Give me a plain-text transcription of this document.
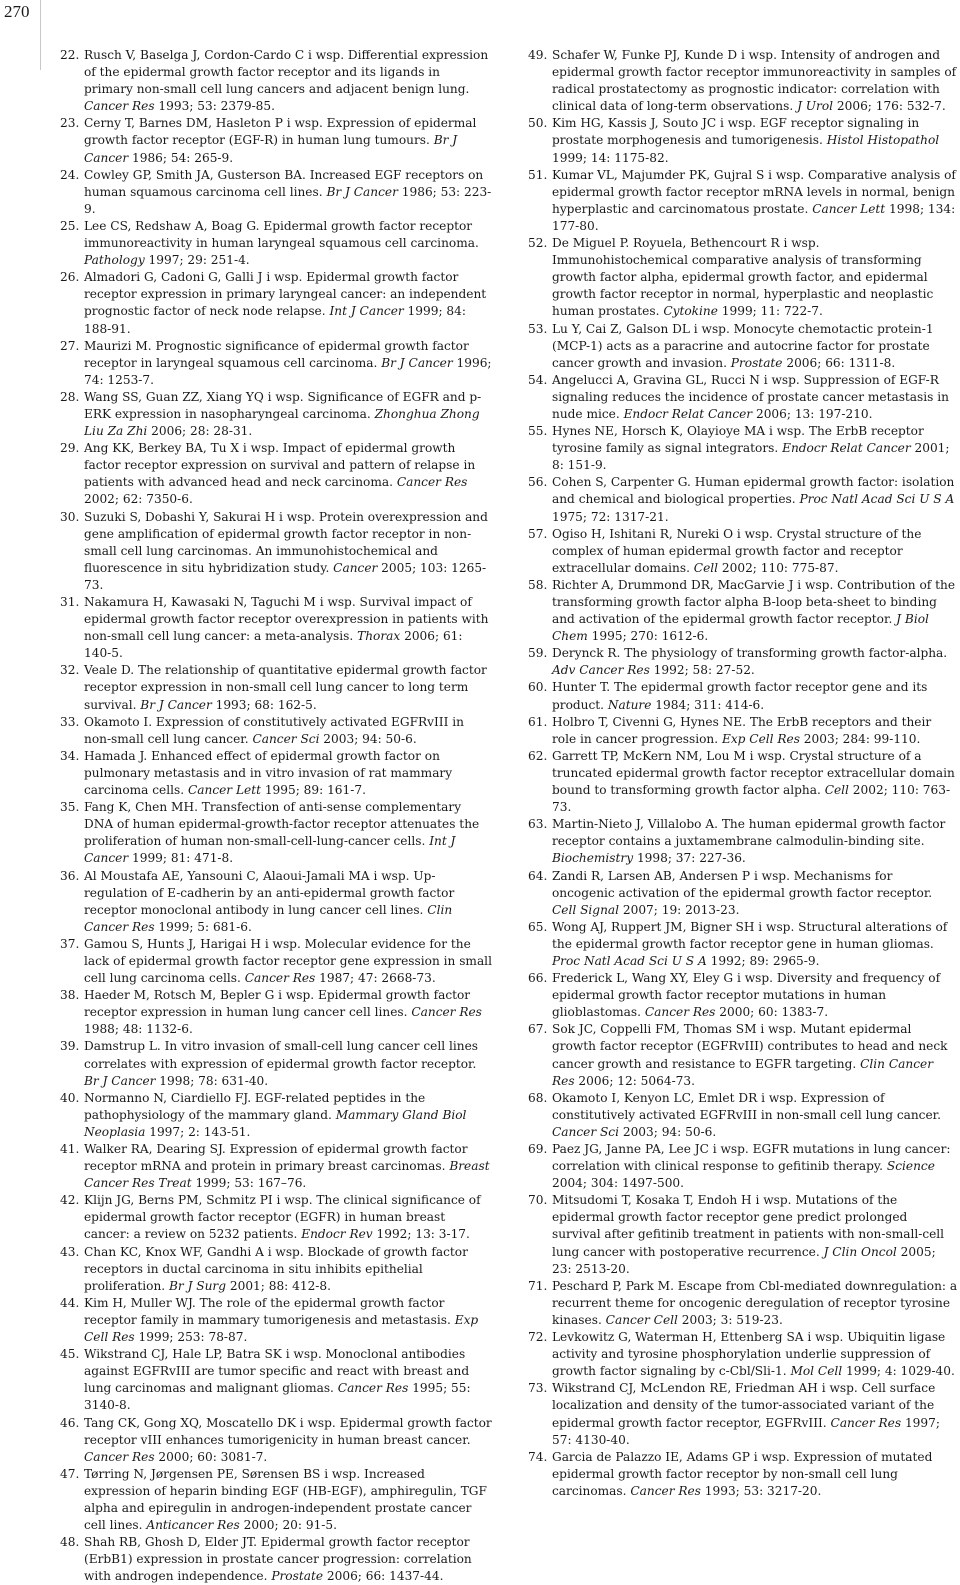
270

22. Rusch V, Baselga J, Cordon-Cardo C i wsp. Differential expression of the epidermal growth factor receptor and its ligands in primary non-small cell lung cancers and adjacent benign lung. Cancer Res 1993; 53: 2379-85.

23. Cerny T, Barnes DM, Hasleton P i wsp. Expression of epidermal growth factor receptor (EGF-R) in human lung tumours. Br J Cancer 1986; 54: 265-9.

24. Cowley GP, Smith JA, Gusterson BA. Increased EGF receptors on human squamous carcinoma cell lines. Br J Cancer 1986; 53: 223-9.

25. Lee CS, Redshaw A, Boag G. Epidermal growth factor receptor immunoreactivity in human laryngeal squamous cell carcinoma. Pathology 1997; 29: 251-4.

26. Almadori G, Cadoni G, Galli J i wsp. Epidermal growth factor receptor expression in primary laryngeal cancer: an independent prognostic factor of neck node relapse. Int J Cancer 1999; 84: 188-91.

27. Maurizi M. Prognostic significance of epidermal growth factor receptor in laryngeal squamous cell carcinoma. Br J Cancer 1996; 74: 1253-7.

28. Wang SS, Guan ZZ, Xiang YQ i wsp. Significance of EGFR and p-ERK expression in nasopharyngeal carcinoma. Zhonghua Zhong Liu Za Zhi 2006; 28: 28-31.

29. Ang KK, Berkey BA, Tu X i wsp. Impact of epidermal growth factor receptor expression on survival and pattern of relapse in patients with advanced head and neck carcinoma. Cancer Res 2002; 62: 7350-6.

30. Suzuki S, Dobashi Y, Sakurai H i wsp. Protein overexpression and gene amplification of epidermal growth factor receptor in non-small cell lung carcinomas. An immunohistochemical and fluorescence in situ hybridization study. Cancer 2005; 103: 1265-73.

31. Nakamura H, Kawasaki N, Taguchi M i wsp. Survival impact of epidermal growth factor receptor overexpression in patients with non-small cell lung cancer: a meta-analysis. Thorax 2006; 61: 140-5.

32. Veale D. The relationship of quantitative epidermal growth factor receptor expression in non-small cell lung cancer to long term survival. Br J Cancer 1993; 68: 162-5.

33. Okamoto I. Expression of constitutively activated EGFRvIII in non-small cell lung cancer. Cancer Sci 2003; 94: 50-6.

34. Hamada J. Enhanced effect of epidermal growth factor on pulmonary metastasis and in vitro invasion of rat mammary carcinoma cells. Cancer Lett 1995; 89: 161-7.

35. Fang K, Chen MH. Transfection of anti-sense complementary DNA of human epidermal-growth-factor receptor attenuates the proliferation of human non-small-cell-lung-cancer cells. Int J Cancer 1999; 81: 471-8.

36. Al Moustafa AE, Yansouni C, Alaoui-Jamali MA i wsp. Up-regulation of E-cadherin by an anti-epidermal growth factor receptor monoclonal antibody in lung cancer cell lines. Clin Cancer Res 1999; 5: 681-6.

37. Gamou S, Hunts J, Harigai H i wsp. Molecular evidence for the lack of epidermal growth factor receptor gene expression in small cell lung carcinoma cells. Cancer Res 1987; 47: 2668-73.

38. Haeder M, Rotsch M, Bepler G i wsp. Epidermal growth factor receptor expression in human lung cancer cell lines. Cancer Res 1988; 48: 1132-6.

39. Damstrup L. In vitro invasion of small-cell lung cancer cell lines correlates with expression of epidermal growth factor receptor. Br J Cancer 1998; 78: 631-40.

40. Normanno N, Ciardiello FJ. EGF-related peptides in the pathophysiology of the mammary gland. Mammary Gland Biol Neoplasia 1997; 2: 143-51.

41. Walker RA, Dearing SJ. Expression of epidermal growth factor receptor mRNA and protein in primary breast carcinomas. Breast Cancer Res Treat 1999; 53: 167–76.

42. Klijn JG, Berns PM, Schmitz PI i wsp. The clinical significance of epidermal growth factor receptor (EGFR) in human breast cancer: a review on 5232 patients. Endocr Rev 1992; 13: 3-17.

43. Chan KC, Knox WF, Gandhi A i wsp. Blockade of growth factor receptors in ductal carcinoma in situ inhibits epithelial proliferation. Br J Surg 2001; 88: 412-8.

44. Kim H, Muller WJ. The role of the epidermal growth factor receptor family in mammary tumorigenesis and metastasis. Exp Cell Res 1999; 253: 78-87.

45. Wikstrand CJ, Hale LP, Batra SK i wsp. Monoclonal antibodies against EGFRvIII are tumor specific and react with breast and lung carcinomas and malignant gliomas. Cancer Res 1995; 55: 3140-8.

46. Tang CK, Gong XQ, Moscatello DK i wsp. Epidermal growth factor receptor vIII enhances tumorigenicity in human breast cancer. Cancer Res 2000; 60: 3081-7.

47. Tørring N, Jørgensen PE, Sørensen BS i wsp. Increased expression of heparin binding EGF (HB-EGF), amphiregulin, TGF alpha and epiregulin in androgen-independent prostate cancer cell lines. Anticancer Res 2000; 20: 91-5.

48. Shah RB, Ghosh D, Elder JT. Epidermal growth factor receptor (ErbB1) expression in prostate cancer progression: correlation with androgen independence. Prostate 2006; 66: 1437-44.

49. Schafer W, Funke PJ, Kunde D i wsp. Intensity of androgen and epidermal growth factor receptor immunoreactivity in samples of radical prostatectomy as prognostic indicator: correlation with clinical data of long-term observations. J Urol 2006; 176: 532-7.

50. Kim HG, Kassis J, Souto JC i wsp. EGF receptor signaling in prostate morphogenesis and tumorigenesis. Histol Histopathol 1999; 14: 1175-82.

51. Kumar VL, Majumder PK, Gujral S i wsp. Comparative analysis of epidermal growth factor receptor mRNA levels in normal, benign hyperplastic and carcinomatous prostate. Cancer Lett 1998; 134: 177-80.

52. De Miguel P. Royuela, Bethencourt R i wsp. Immunohistochemical comparative analysis of transforming growth factor alpha, epidermal growth factor, and epidermal growth factor receptor in normal, hyperplastic and neoplastic human prostates. Cytokine 1999; 11: 722-7.

53. Lu Y, Cai Z, Galson DL i wsp. Monocyte chemotactic protein-1 (MCP-1) acts as a paracrine and autocrine factor for prostate cancer growth and invasion. Prostate 2006; 66: 1311-8.

54. Angelucci A, Gravina GL, Rucci N i wsp. Suppression of EGF-R signaling reduces the incidence of prostate cancer metastasis in nude mice. Endocr Relat Cancer 2006; 13: 197-210.

55. Hynes NE, Horsch K, Olayioye MA i wsp. The ErbB receptor tyrosine family as signal integrators. Endocr Relat Cancer 2001; 8: 151-9.

56. Cohen S, Carpenter G. Human epidermal growth factor: isolation and chemical and biological properties. Proc Natl Acad Sci U S A 1975; 72: 1317-21.

57. Ogiso H, Ishitani R, Nureki O i wsp. Crystal structure of the complex of human epidermal growth factor and receptor extracellular domains. Cell 2002; 110: 775-87.

58. Richter A, Drummond DR, MacGarvie J i wsp. Contribution of the transforming growth factor alpha B-loop beta-sheet to binding and activation of the epidermal growth factor receptor. J Biol Chem 1995; 270: 1612-6.

59. Derynck R. The physiology of transforming growth factor-alpha. Adv Cancer Res 1992; 58: 27-52.

60. Hunter T. The epidermal growth factor receptor gene and its product. Nature 1984; 311: 414-6.

61. Holbro T, Civenni G, Hynes NE. The ErbB receptors and their role in cancer progression. Exp Cell Res 2003; 284: 99-110.

62. Garrett TP, McKern NM, Lou M i wsp. Crystal structure of a truncated epidermal growth factor receptor extracellular domain bound to transforming growth factor alpha. Cell 2002; 110: 763-73.

63. Martin-Nieto J, Villalobo A. The human epidermal growth factor receptor contains a juxtamembrane calmodulin-binding site. Biochemistry 1998; 37: 227-36.

64. Zandi R, Larsen AB, Andersen P i wsp. Mechanisms for oncogenic activation of the epidermal growth factor receptor. Cell Signal 2007; 19: 2013-23.

65. Wong AJ, Ruppert JM, Bigner SH i wsp. Structural alterations of the epidermal growth factor receptor gene in human gliomas. Proc Natl Acad Sci U S A 1992; 89: 2965-9.

66. Frederick L, Wang XY, Eley G i wsp. Diversity and frequency of epidermal growth factor receptor mutations in human glioblastomas. Cancer Res 2000; 60: 1383-7.

67. Sok JC, Coppelli FM, Thomas SM i wsp. Mutant epidermal growth factor receptor (EGFRvIII) contributes to head and neck cancer growth and resistance to EGFR targeting. Clin Cancer Res 2006; 12: 5064-73.

68. Okamoto I, Kenyon LC, Emlet DR i wsp. Expression of constitutively activated EGFRvIII in non-small cell lung cancer. Cancer Sci 2003; 94: 50-6.

69. Paez JG, Janne PA, Lee JC i wsp. EGFR mutations in lung cancer: correlation with clinical response to gefitinib therapy. Science 2004; 304: 1497-500.

70. Mitsudomi T, Kosaka T, Endoh H i wsp. Mutations of the epidermal growth factor receptor gene predict prolonged survival after gefitinib treatment in patients with non-small-cell lung cancer with postoperative recurrence. J Clin Oncol 2005; 23: 2513-20.

71. Peschard P, Park M. Escape from Cbl-mediated downregulation: a recurrent theme for oncogenic deregulation of receptor tyrosine kinases. Cancer Cell 2003; 3: 519-23.

72. Levkowitz G, Waterman H, Ettenberg SA i wsp. Ubiquitin ligase activity and tyrosine phosphorylation underlie suppression of growth factor signaling by c-Cbl/Sli-1. Mol Cell 1999; 4: 1029-40.

73. Wikstrand CJ, McLendon RE, Friedman AH i wsp. Cell surface localization and density of the tumor-associated variant of the epidermal growth factor receptor, EGFRvIII. Cancer Res 1997; 57: 4130-40.

74. Garcia de Palazzo IE, Adams GP i wsp. Expression of mutated epidermal growth factor receptor by non-small cell lung carcinomas. Cancer Res 1993; 53: 3217-20.
